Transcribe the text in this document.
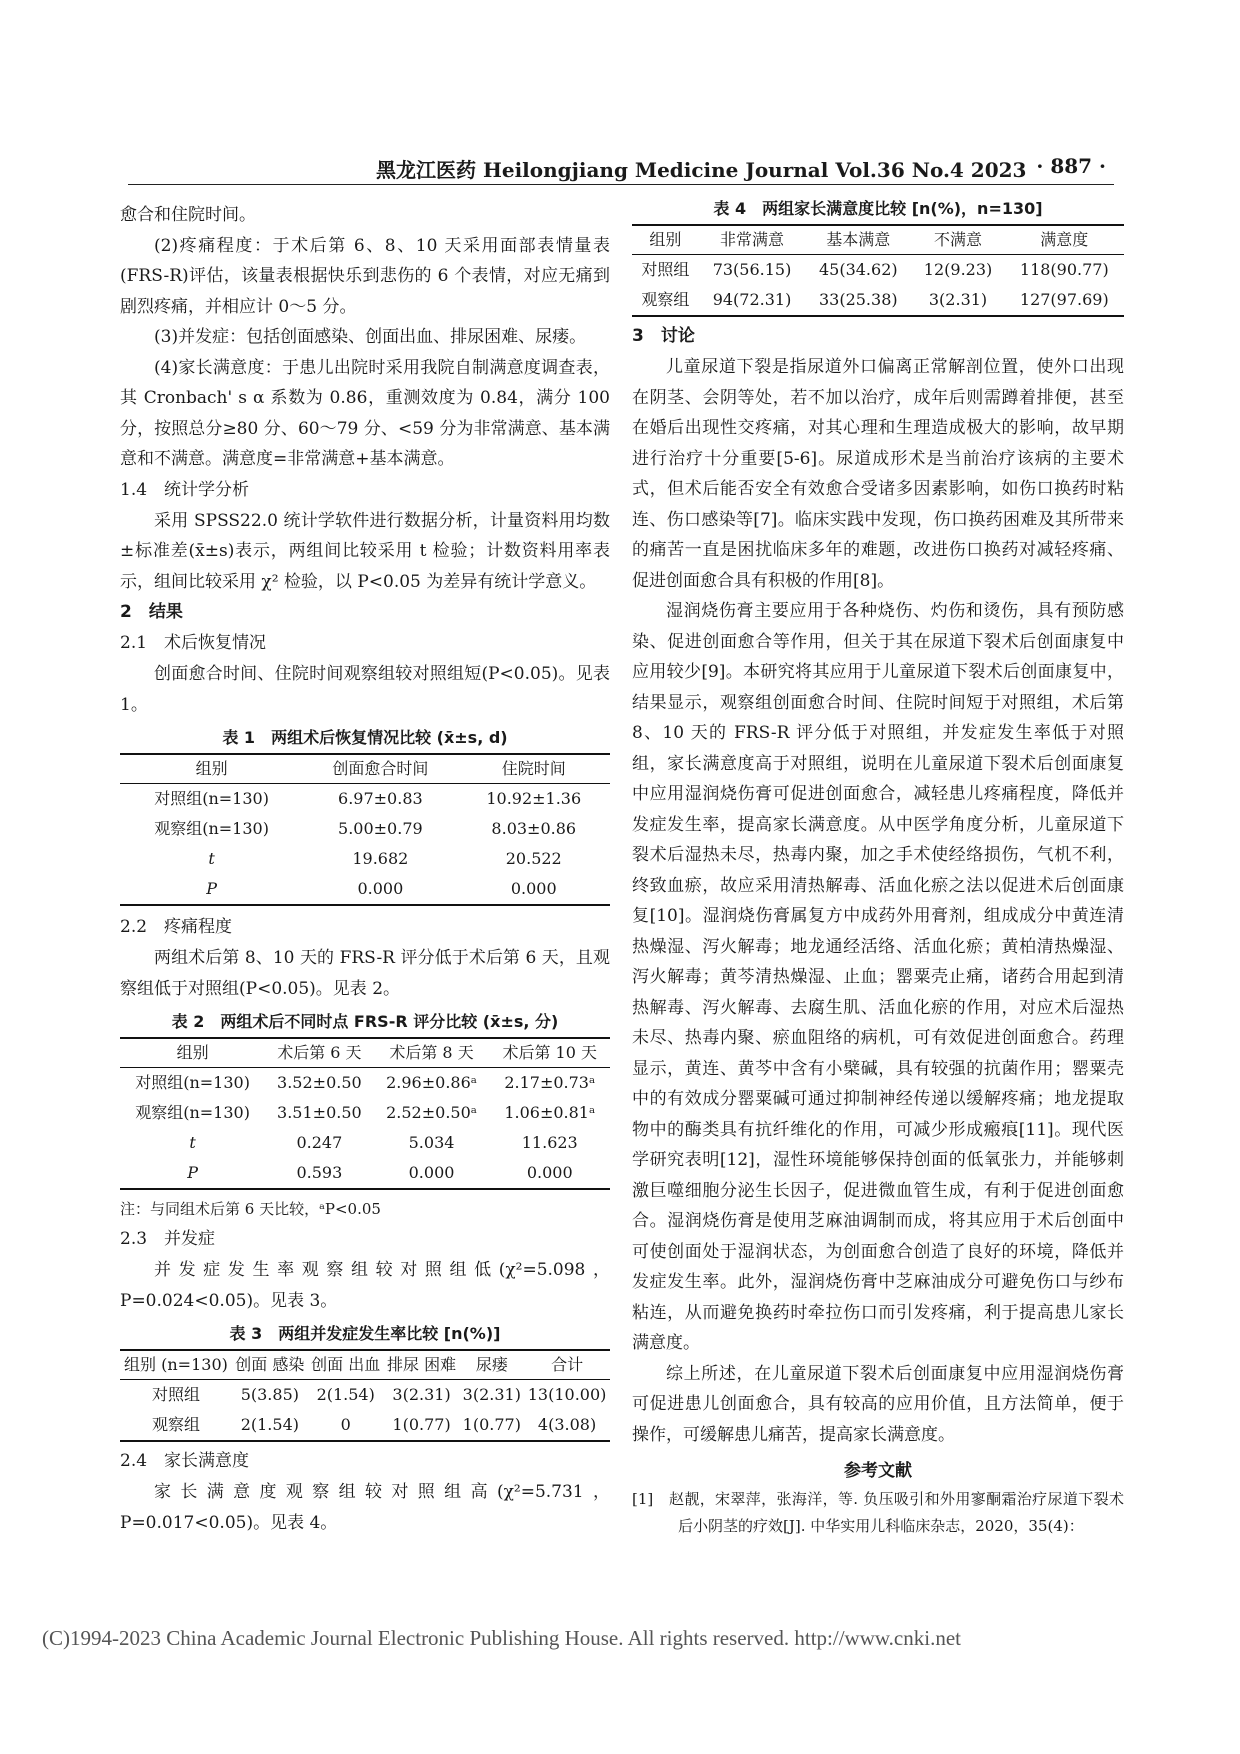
黑龙江医药 Heilongjiang Medicine Journal Vol.36 No.4 2023 · 887 ·

愈合和住院时间。

(2)疼痛程度：于术后第 6、8、10 天采用面部表情量表(FRS-R)评估，该量表根据快乐到悲伤的 6 个表情，对应无痛到剧烈疼痛，并相应计 0～5 分。

(3)并发症：包括创面感染、创面出血、排尿困难、尿瘘。

(4)家长满意度：于患儿出院时采用我院自制满意度调查表，其 Cronbach' s α 系数为 0.86，重测效度为 0.84，满分 100 分，按照总分≥80 分、60～79 分、<59 分为非常满意、基本满意和不满意。满意度=非常满意+基本满意。

1.4　统计学分析

采用 SPSS22.0 统计学软件进行数据分析，计量资料用均数±标准差(x̄±s)表示，两组间比较采用 t 检验；计数资料用率表示，组间比较采用 χ² 检验，以 P<0.05 为差异有统计学意义。

2　结果
2.1　术后恢复情况

创面愈合时间、住院时间观察组较对照组短(P<0.05)。见表 1。

表 1　两组术后恢复情况比较 (x̄±s, d)
组别	创面愈合时间	住院时间
对照组(n=130)	6.97±0.83	10.92±1.36
观察组(n=130)	5.00±0.79	8.03±0.86
t	19.682	20.522
P	0.000	0.000
2.2　疼痛程度

两组术后第 8、10 天的 FRS-R 评分低于术后第 6 天，且观察组低于对照组(P<0.05)。见表 2。

表 2　两组术后不同时点 FRS-R 评分比较 (x̄±s, 分)
组别	术后第 6 天	术后第 8 天	术后第 10 天
对照组(n=130)	3.52±0.50	2.96±0.86ᵃ	2.17±0.73ᵃ
观察组(n=130)	3.51±0.50	2.52±0.50ᵃ	1.06±0.81ᵃ
t	0.247	5.034	11.623
P	0.593	0.000	0.000
注：与同组术后第 6 天比较，ᵃP<0.05
2.3　并发症

并发症发生率观察组较对照组低(χ²=5.098，P=0.024<0.05)。见表 3。

表 3　两组并发症发生率比较 [n(%)]
组别 (n=130)	创面 感染	创面 出血	排尿 困难	尿瘘	合计
对照组	5(3.85)	2(1.54)	3(2.31)	3(2.31)	13(10.00)
观察组	2(1.54)	0	1(0.77)	1(0.77)	4(3.08)
2.4　家长满意度

家长满意度观察组较对照组高(χ²=5.731，P=0.017<0.05)。见表 4。

表 4　两组家长满意度比较 [n(%)，n=130]
组别	非常满意	基本满意	不满意	满意度
对照组	73(56.15)	45(34.62)	12(9.23)	118(90.77)
观察组	94(72.31)	33(25.38)	3(2.31)	127(97.69)
3　讨论

儿童尿道下裂是指尿道外口偏离正常解剖位置，使外口出现在阴茎、会阴等处，若不加以治疗，成年后则需蹲着排便，甚至在婚后出现性交疼痛，对其心理和生理造成极大的影响，故早期进行治疗十分重要[5-6]。尿道成形术是当前治疗该病的主要术式，但术后能否安全有效愈合受诸多因素影响，如伤口换药时粘连、伤口感染等[7]。临床实践中发现，伤口换药困难及其所带来的痛苦一直是困扰临床多年的难题，改进伤口换药对减轻疼痛、促进创面愈合具有积极的作用[8]。

湿润烧伤膏主要应用于各种烧伤、灼伤和烫伤，具有预防感染、促进创面愈合等作用，但关于其在尿道下裂术后创面康复中应用较少[9]。本研究将其应用于儿童尿道下裂术后创面康复中，结果显示，观察组创面愈合时间、住院时间短于对照组，术后第 8、10 天的 FRS-R 评分低于对照组，并发症发生率低于对照组，家长满意度高于对照组，说明在儿童尿道下裂术后创面康复中应用湿润烧伤膏可促进创面愈合，减轻患儿疼痛程度，降低并发症发生率，提高家长满意度。从中医学角度分析，儿童尿道下裂术后湿热未尽，热毒内聚，加之手术使经络损伤，气机不利，终致血瘀，故应采用清热解毒、活血化瘀之法以促进术后创面康复[10]。湿润烧伤膏属复方中成药外用膏剂，组成成分中黄连清热燥湿、泻火解毒；地龙通经活络、活血化瘀；黄柏清热燥湿、泻火解毒；黄芩清热燥湿、止血；罂粟壳止痛，诸药合用起到清热解毒、泻火解毒、去腐生肌、活血化瘀的作用，对应术后湿热未尽、热毒内聚、瘀血阻络的病机，可有效促进创面愈合。药理显示，黄连、黄芩中含有小檗碱，具有较强的抗菌作用；罂粟壳中的有效成分罂粟碱可通过抑制神经传递以缓解疼痛；地龙提取物中的酶类具有抗纤维化的作用，可减少形成瘢痕[11]。现代医学研究表明[12]，湿性环境能够保持创面的低氧张力，并能够刺激巨噬细胞分泌生长因子，促进微血管生成，有利于促进创面愈合。湿润烧伤膏是使用芝麻油调制而成，将其应用于术后创面中可使创面处于湿润状态，为创面愈合创造了良好的环境，降低并发症发生率。此外，湿润烧伤膏中芝麻油成分可避免伤口与纱布粘连，从而避免换药时牵拉伤口而引发疼痛，利于提高患儿家长满意度。

综上所述，在儿童尿道下裂术后创面康复中应用湿润烧伤膏可促进患儿创面愈合，具有较高的应用价值，且方法简单，便于操作，可缓解患儿痛苦，提高家长满意度。

参考文献
[1]　赵靓，宋翠萍，张海洋，等. 负压吸引和外用寥酮霜治疗尿道下裂术后小阴茎的疗效[J]. 中华实用儿科临床杂志，2020，35(4)：
(C)1994-2023 China Academic Journal Electronic Publishing House. All rights reserved. http://www.cnki.net
